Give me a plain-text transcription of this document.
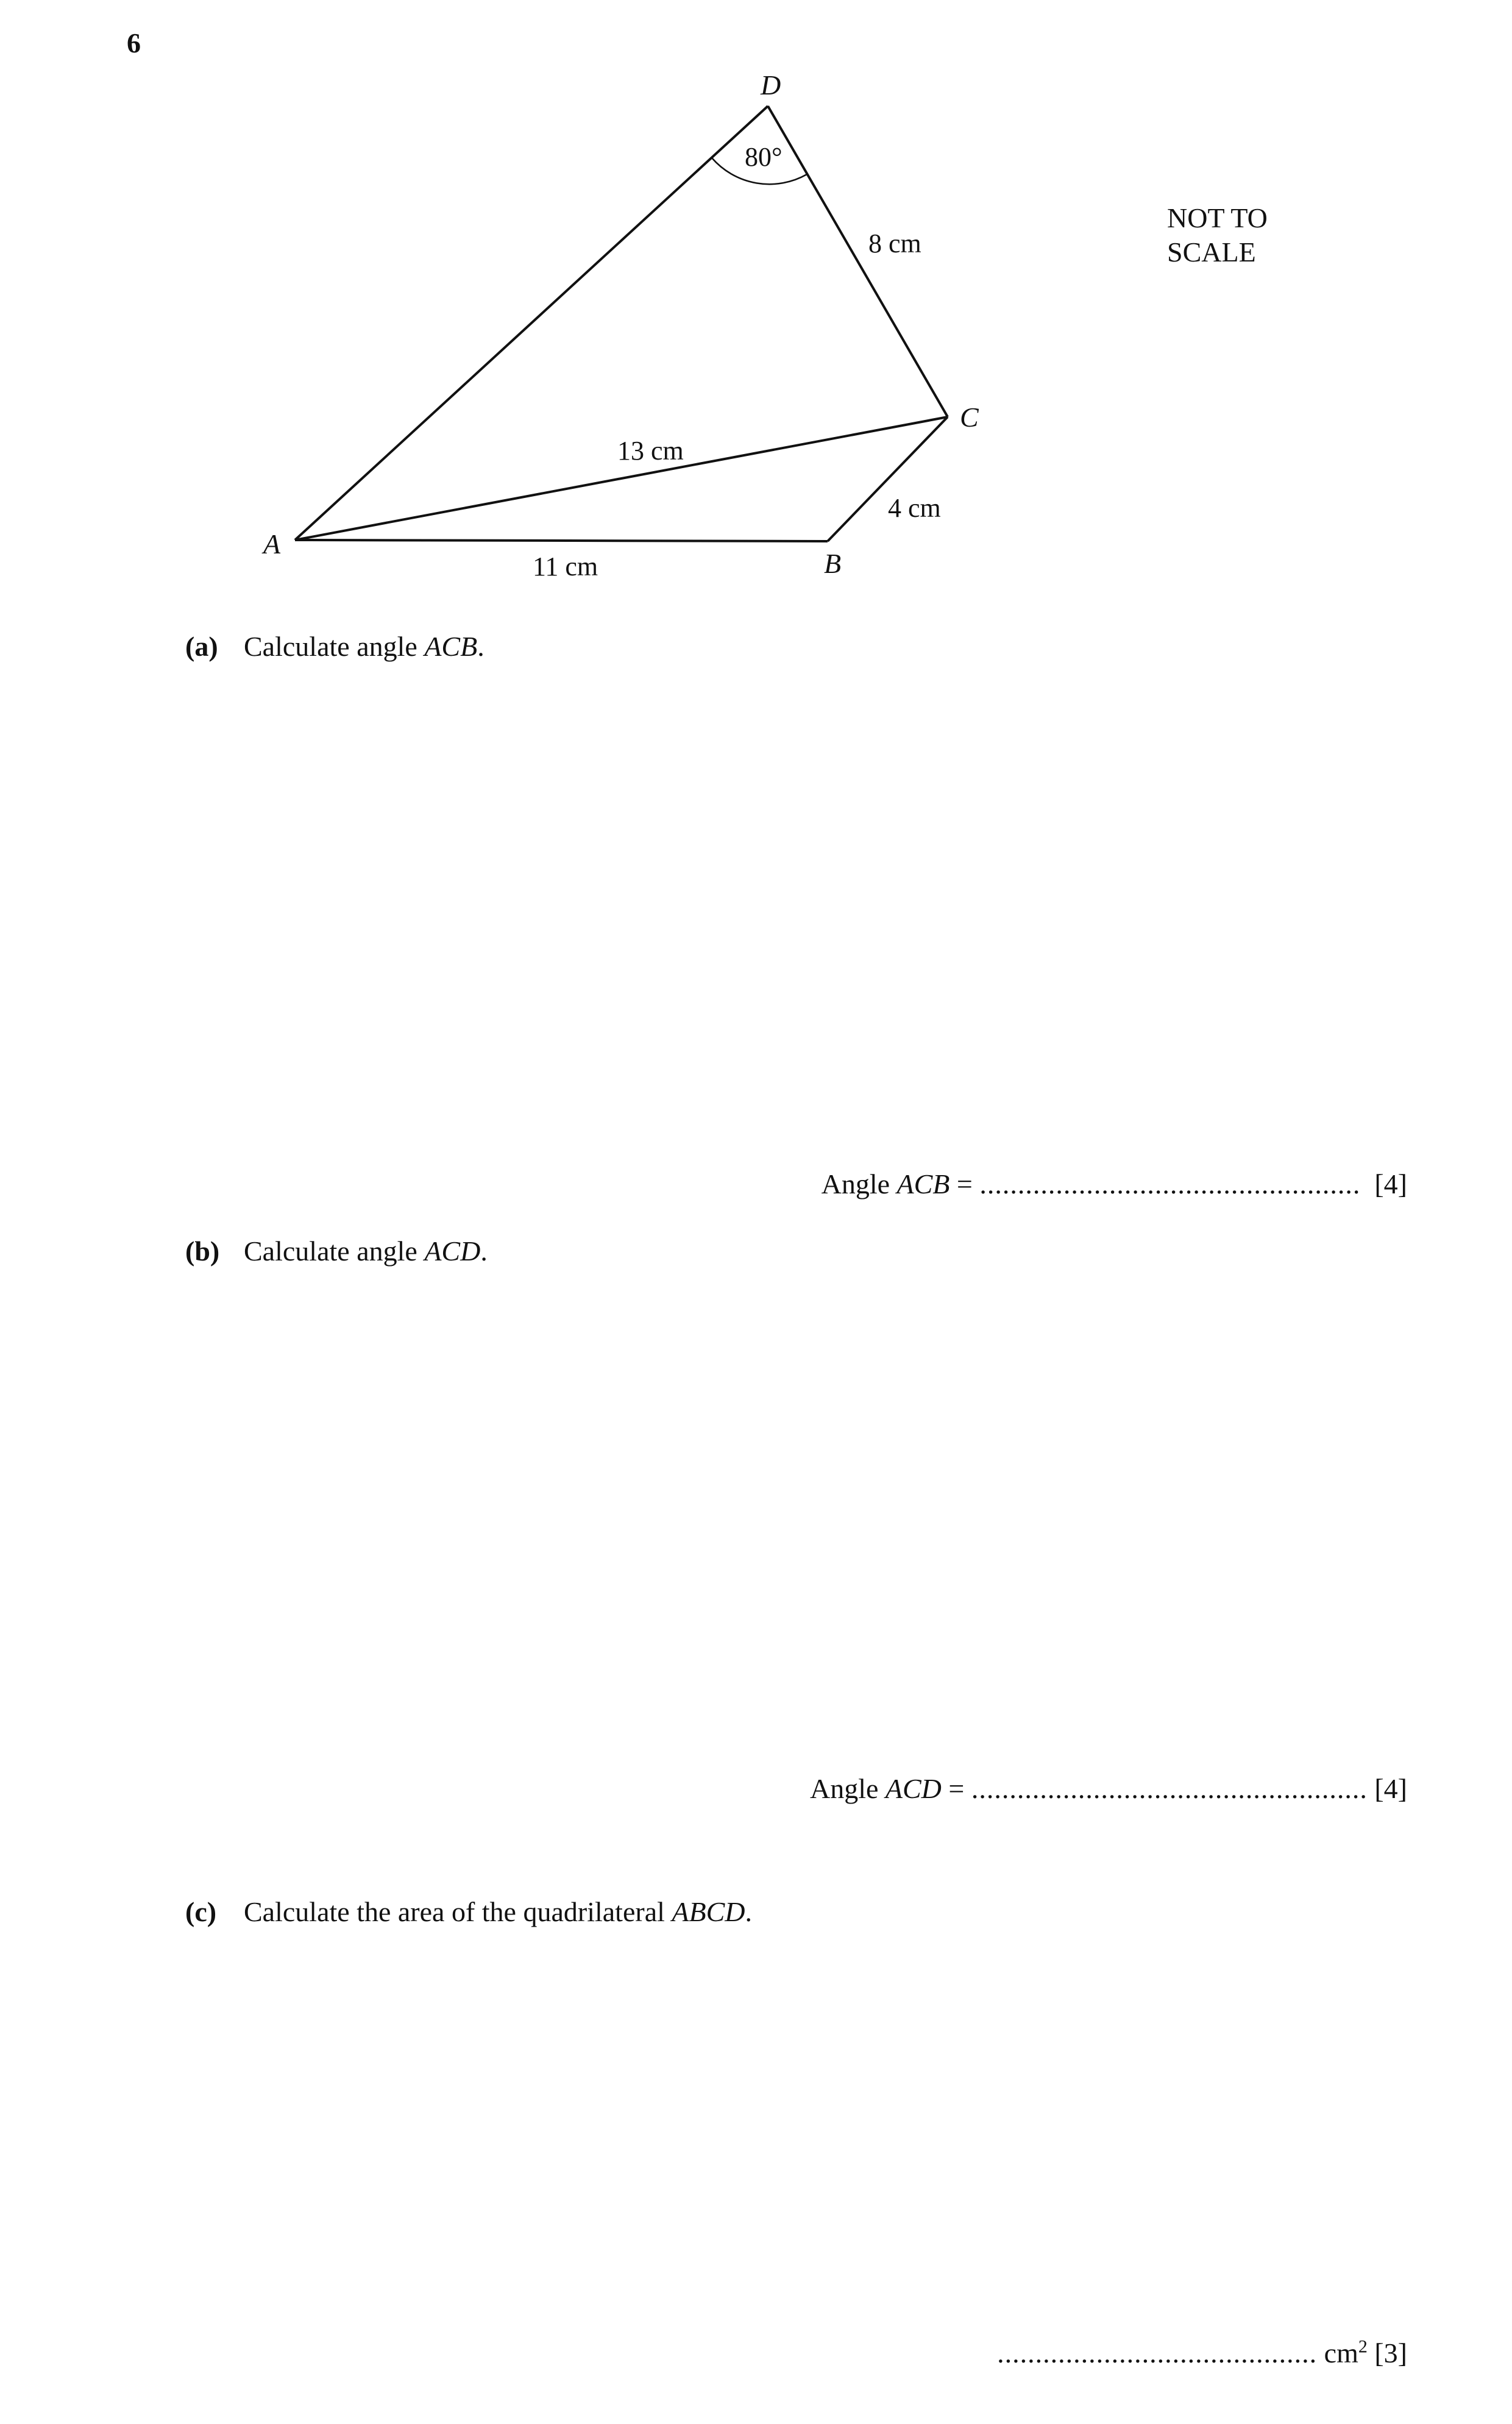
6
D
A
B
C
80°
8 cm
13 cm
4 cm
11 cm
NOT TO
SCALE
(a) Calculate angle ACB.
Angle ACB = .................................................. [4]
(b) Calculate angle ACD.
Angle ACD = .................................................... [4]
(c) Calculate the area of the quadrilateral ABCD.
.......................................... $cm^2$ [3]
